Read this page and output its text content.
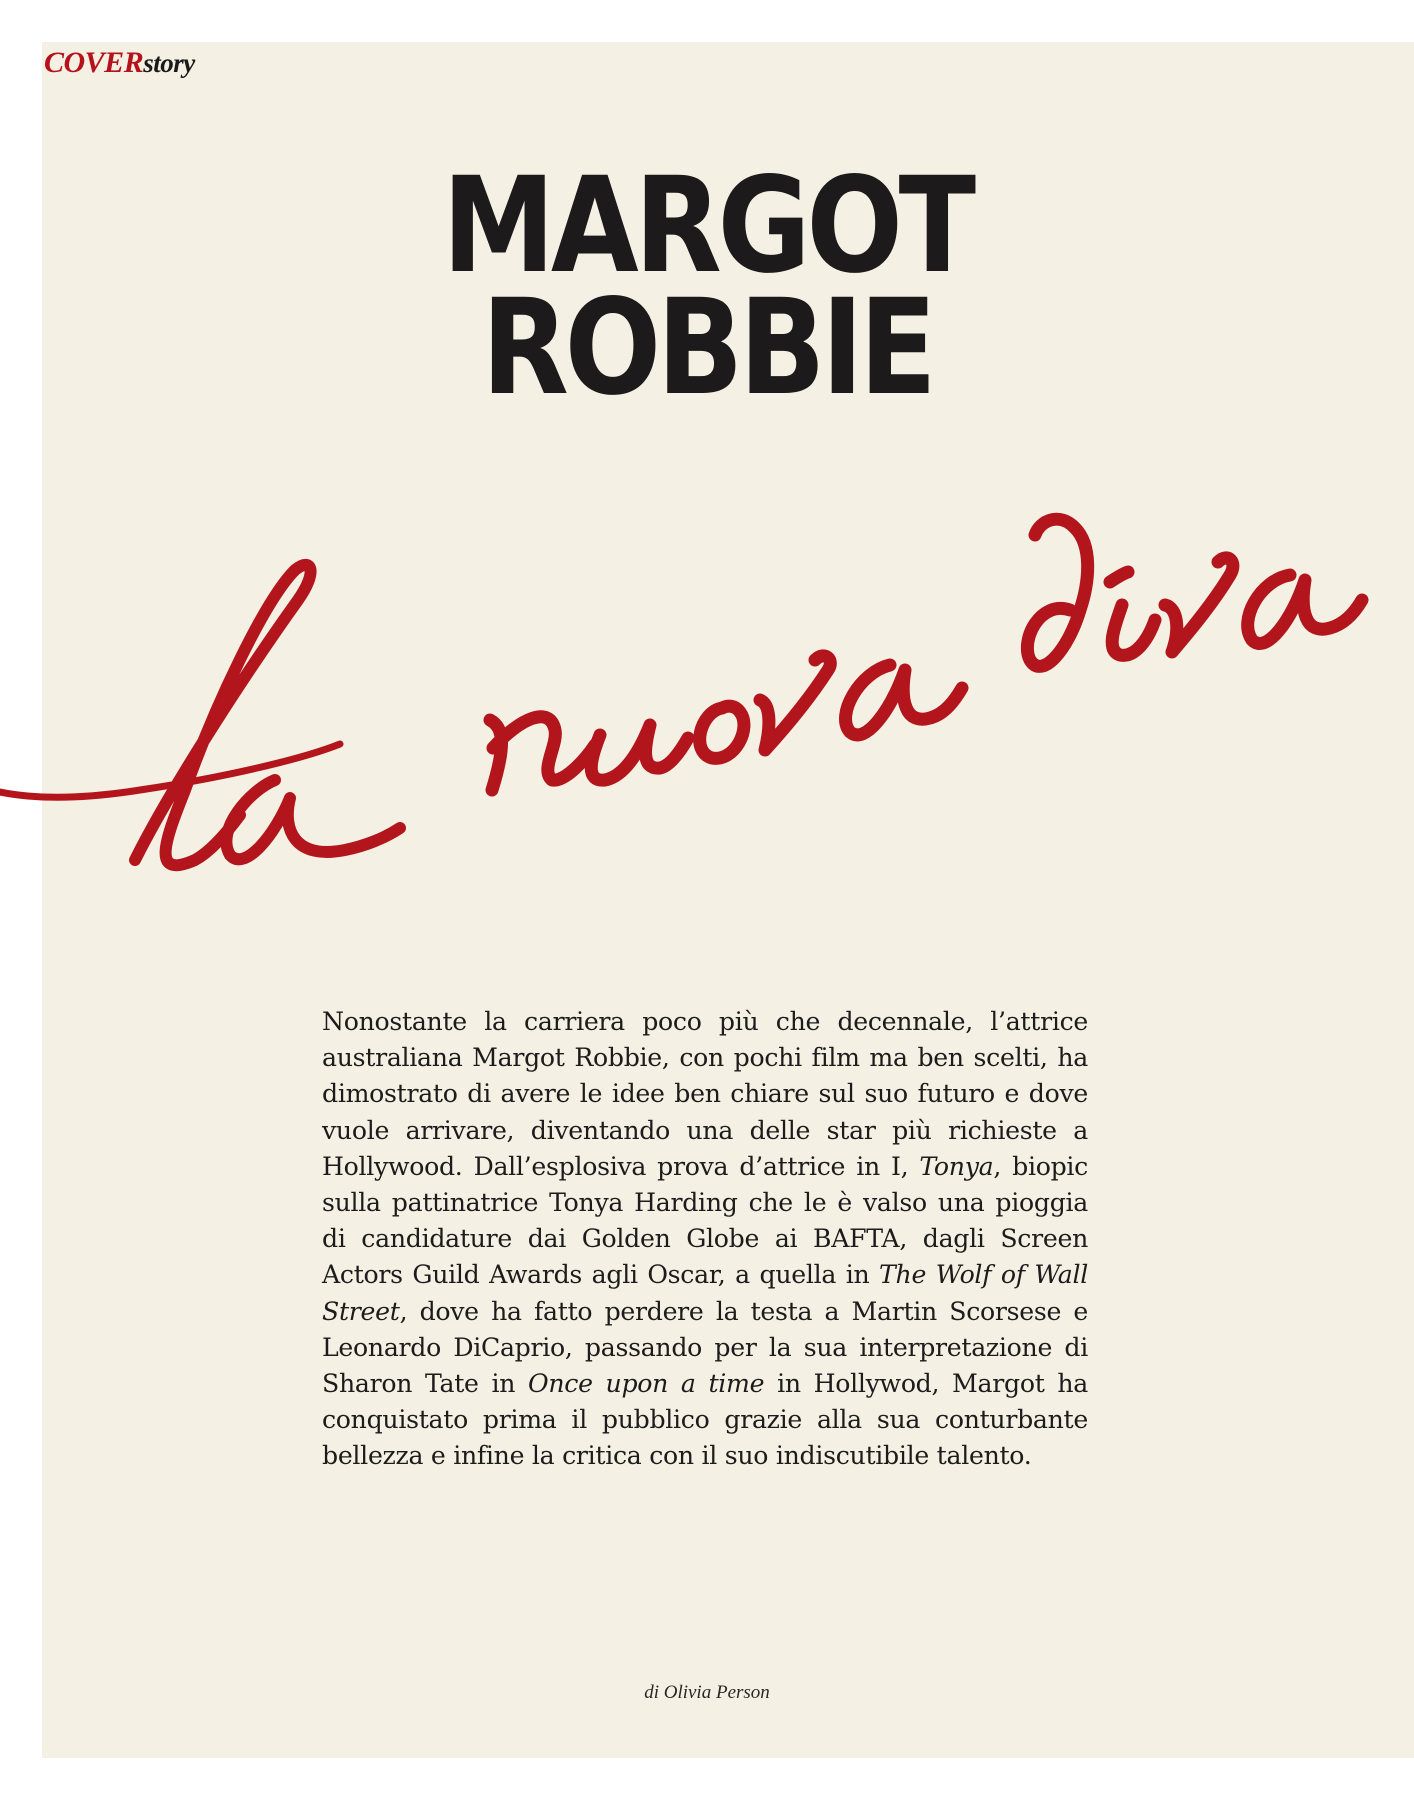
COVERstory
MARGOT
ROBBIE
Nonostante la carriera poco più che decennale, l’attrice australiana Margot Robbie, con pochi film ma ben scelti, ha dimostrato di avere le idee ben chiare sul suo futuro e dove vuole arrivare, diventando una delle star più richieste a Hollywood. Dall’esplosiva prova d’attrice in I, Tonya, biopic sulla pattinatrice Tonya Harding che le è valso una pioggia di candidature dai Golden Globe ai BAFTA, dagli Screen Actors Guild Awards agli Oscar, a quella in The Wolf of Wall Street, dove ha fatto perdere la testa a Martin Scorsese e Leonardo DiCaprio, passando per la sua interpretazione di Sharon Tate in Once upon a time in Hollywod, Margot ha conquistato prima il pubblico grazie alla sua conturbante bellezza e infine la critica con il suo indiscutibile talento.
di Olivia Person
